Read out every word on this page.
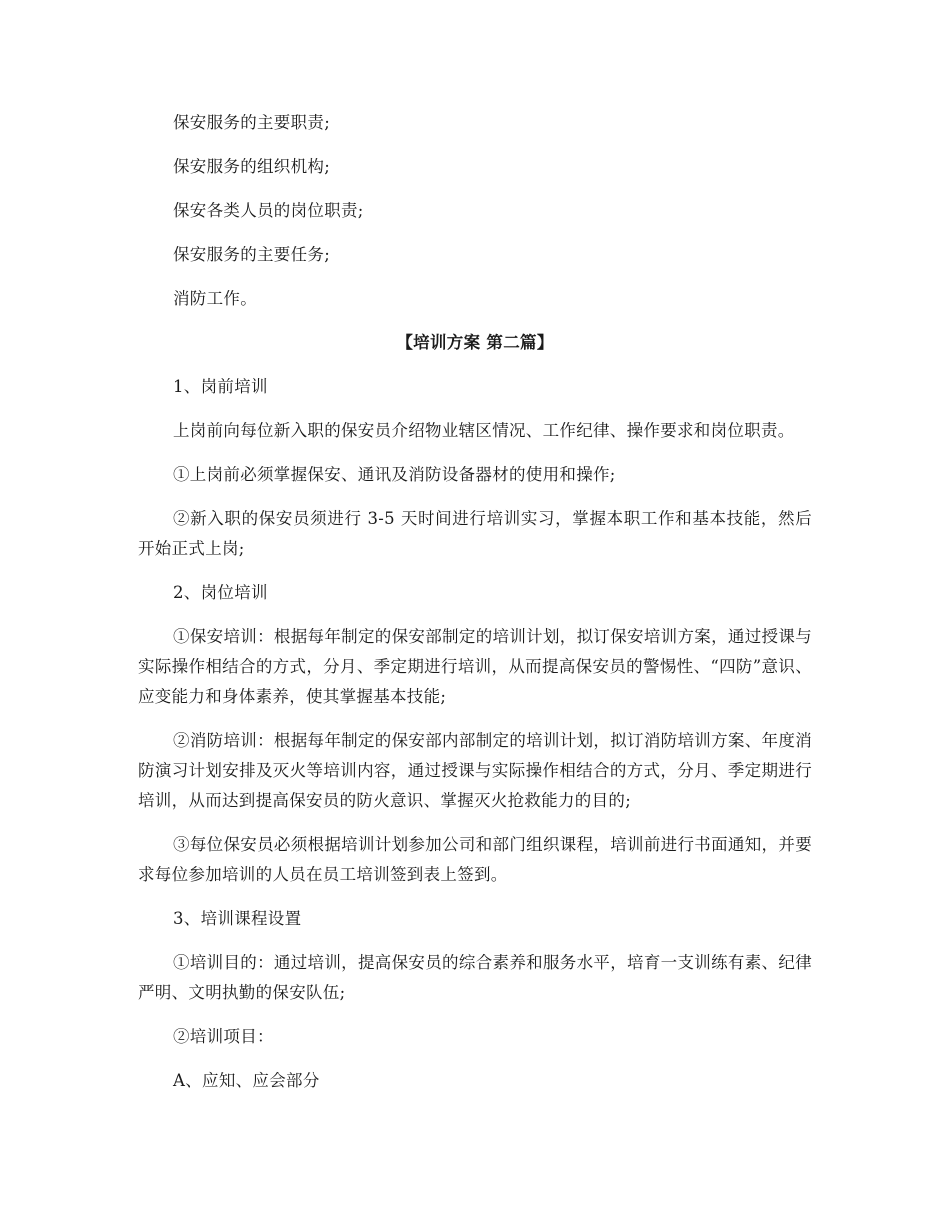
保安服务的主要职责;

保安服务的组织机构;

保安各类人员的岗位职责;

保安服务的主要任务;

消防工作。

【培训方案 第二篇】

1、岗前培训

上岗前向每位新入职的保安员介绍物业辖区情况、工作纪律、操作要求和岗位职责。

①上岗前必须掌握保安、通讯及消防设备器材的使用和操作;

②新入职的保安员须进行 3-5 天时间进行培训实习，掌握本职工作和基本技能，然后开始正式上岗;

2、岗位培训

①保安培训：根据每年制定的保安部制定的培训计划，拟订保安培训方案，通过授课与实际操作相结合的方式，分月、季定期进行培训，从而提高保安员的警惕性、“四防”意识、应变能力和身体素养，使其掌握基本技能;

②消防培训：根据每年制定的保安部内部制定的培训计划，拟订消防培训方案、年度消防演习计划安排及灭火等培训内容，通过授课与实际操作相结合的方式，分月、季定期进行培训，从而达到提高保安员的防火意识、掌握灭火抢救能力的目的;

③每位保安员必须根据培训计划参加公司和部门组织课程，培训前进行书面通知，并要求每位参加培训的人员在员工培训签到表上签到。

3、培训课程设置

①培训目的：通过培训，提高保安员的综合素养和服务水平，培育一支训练有素、纪律严明、文明执勤的保安队伍;

②培训项目：

A、应知、应会部分
